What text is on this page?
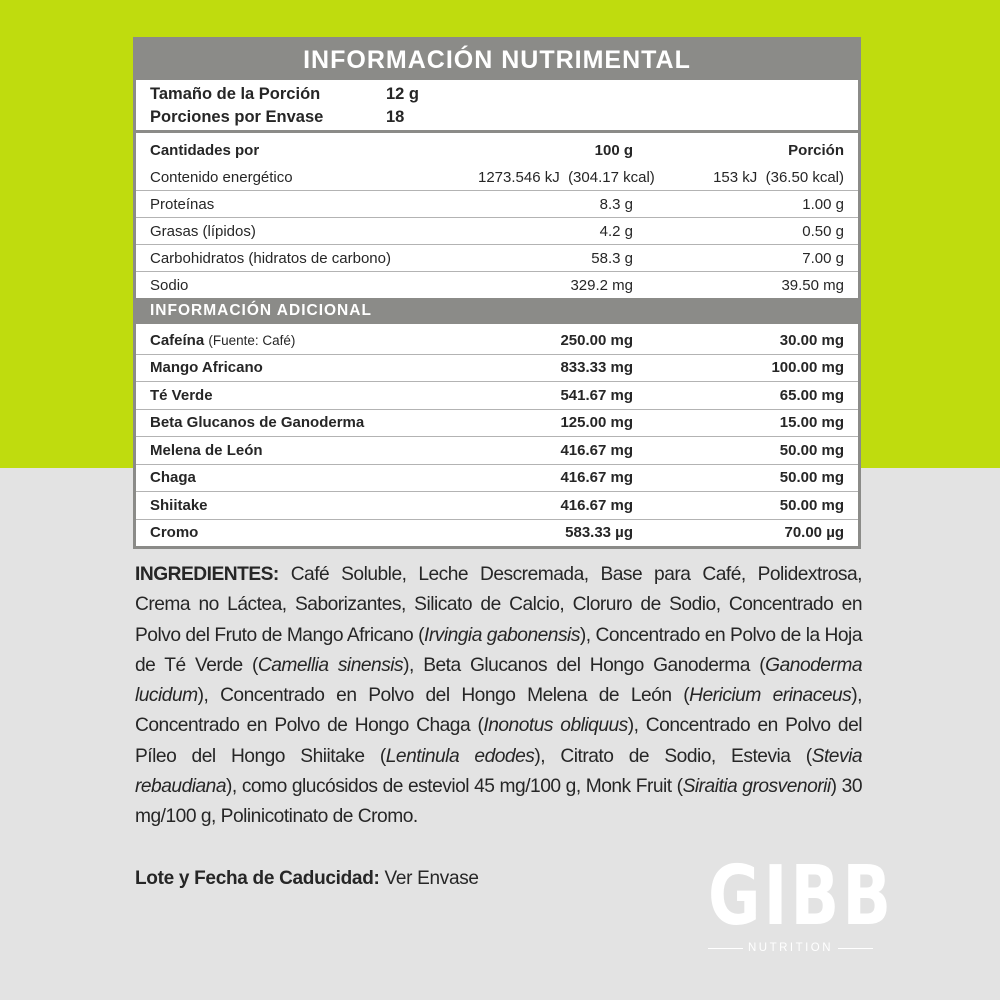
INFORMACIÓN NUTRIMENTAL
Tamaño de la Porción	12 g
Porciones por Envase	18
Cantidades por	100 g	Porción
Contenido energético	1273.546 kJ  (304.17 kcal)	153 kJ  (36.50 kcal)
Proteínas	8.3 g	1.00 g
Grasas (lípidos)	4.2 g	0.50 g
Carbohidratos (hidratos de carbono)	58.3 g	7.00 g
Sodio	329.2 mg	39.50 mg
INFORMACIÓN ADICIONAL
Cafeína (Fuente: Café)	250.00 mg	30.00 mg
Mango Africano	833.33 mg	100.00 mg
Té Verde	541.67 mg	65.00 mg
Beta Glucanos de Ganoderma	125.00 mg	15.00 mg
Melena de León	416.67 mg	50.00 mg
Chaga	416.67 mg	50.00 mg
Shiitake	416.67 mg	50.00 mg
Cromo	583.33 µg	70.00 µg
INGREDIENTES: Café Soluble, Leche Descremada, Base para Café, Polidextrosa, Crema no Láctea, Saborizantes, Silicato de Calcio, Cloruro de Sodio, Concentrado en Polvo del Fruto de Mango Africano (Irvingia gabonensis), Concentrado en Polvo de la Hoja de Té Verde (Camellia sinensis), Beta Glucanos del Hongo Ganoderma (Ganoderma lucidum), Concentrado en Polvo del Hongo Melena de León (Hericium erinaceus), Concentrado en Polvo de Hongo Chaga (Inonotus obliquus), Concentrado en Polvo del Píleo del Hongo Shiitake (Lentinula edodes), Citrato de Sodio, Estevia (Stevia rebaudiana), como glucósidos de esteviol 45 mg/100 g, Monk Fruit (Siraitia grosvenorii) 30 mg/100 g, Polinicotinato de Cromo.
Lote y Fecha de Caducidad: Ver Envase	GIBB
NUTRITION
